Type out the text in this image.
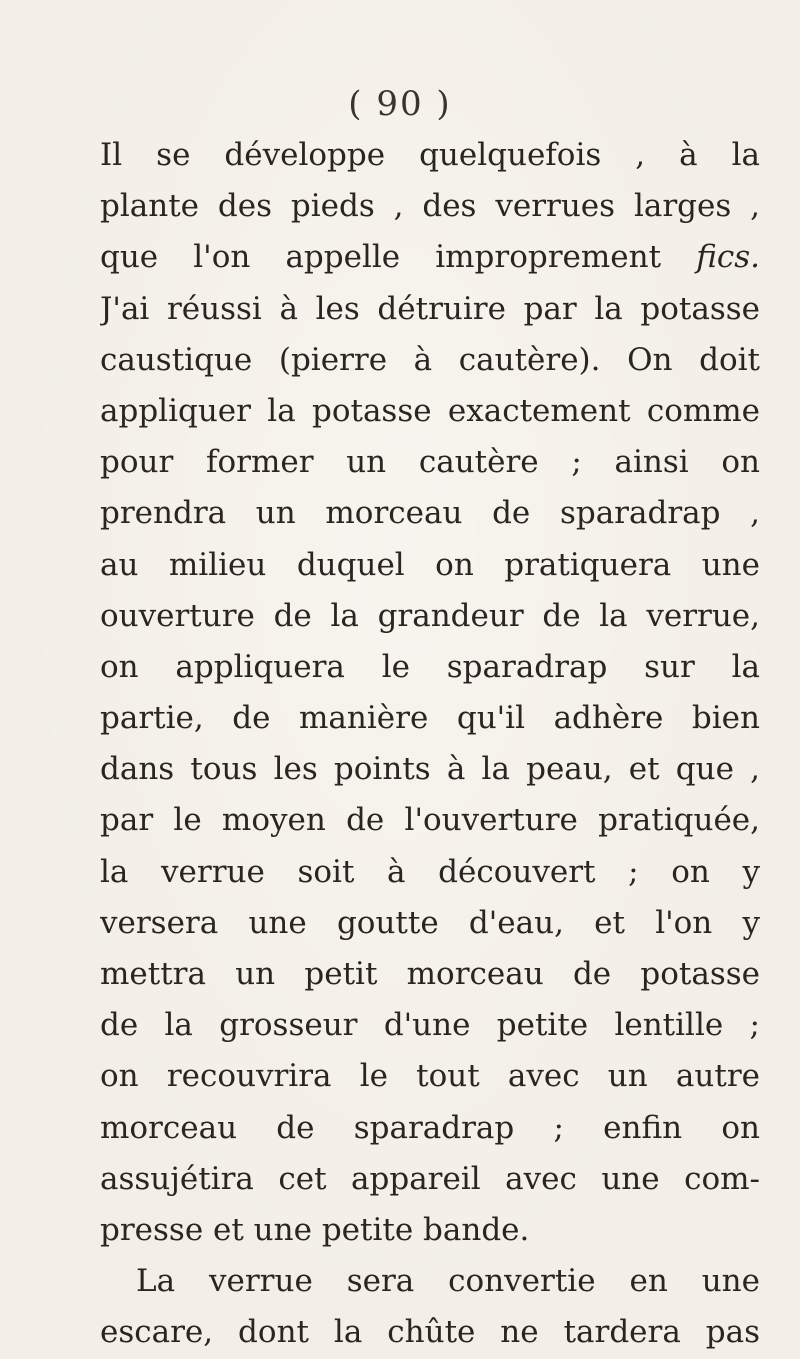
( 90 )
Il se développe quelquefois , à la
plante des pieds , des verrues larges ,
que l'on appelle improprement fics.
J'ai réussi à les détruire par la potasse
caustique (pierre à cautère). On doit
appliquer la potasse exactement comme
pour former un cautère ; ainsi on
prendra un morceau de sparadrap ,
au milieu duquel on pratiquera une
ouverture de la grandeur de la verrue,
on appliquera le sparadrap sur la
partie, de manière qu'il adhère bien
dans tous les points à la peau, et que ,
par le moyen de l'ouverture pratiquée,
la verrue soit à découvert ; on y
versera une goutte d'eau, et l'on y
mettra un petit morceau de potasse
de la grosseur d'une petite lentille ;
on recouvrira le tout avec un autre
morceau de sparadrap ; enfin on
assujétira cet appareil avec une com-
presse et une petite bande.
La verrue sera convertie en une
escare, dont la chûte ne tardera pas
